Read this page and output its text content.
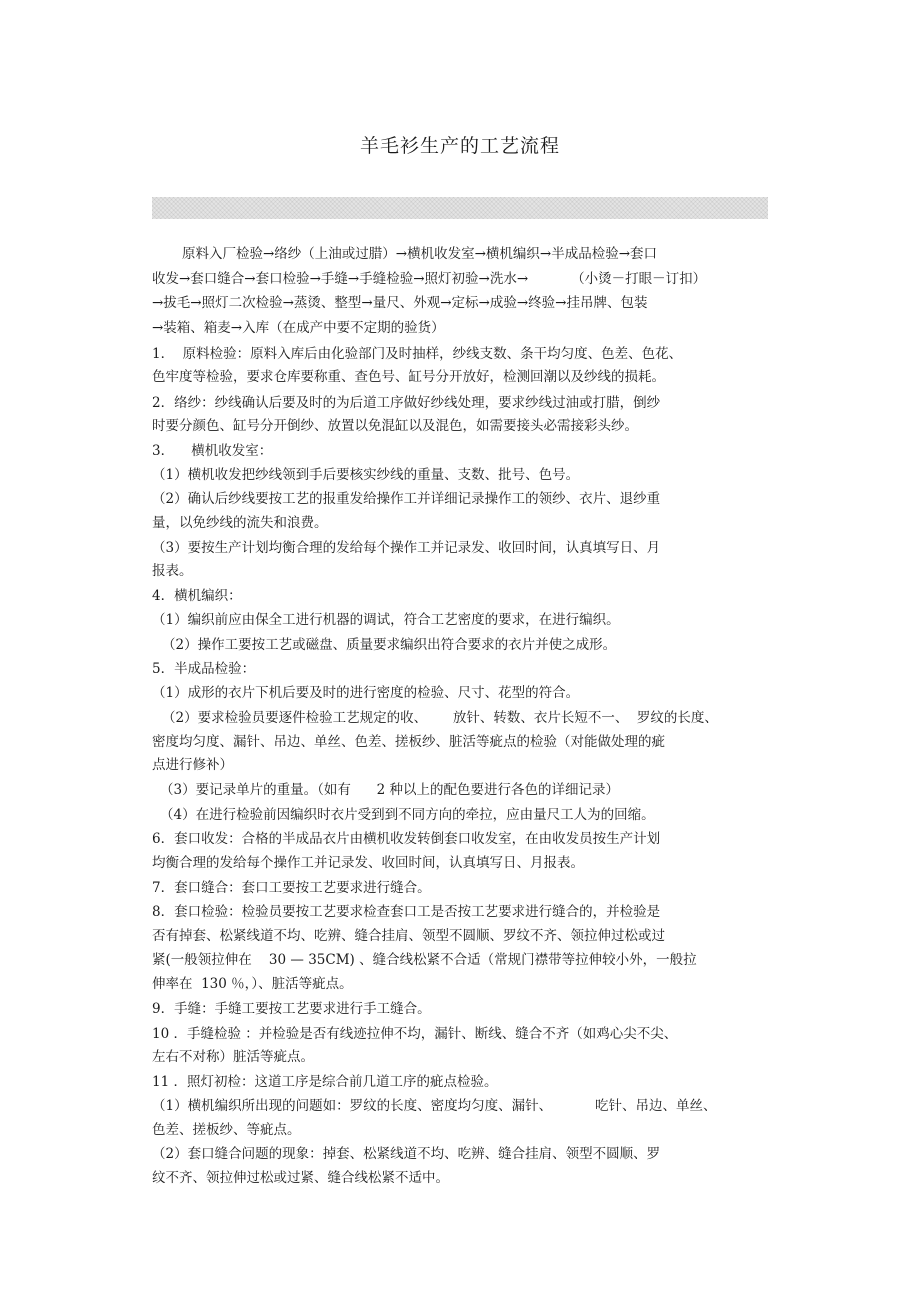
羊毛衫生产的工艺流程
原料入厂检验→络纱（上油或过腊）→横机收发室→横机编织→半成品检验→套口
收发→套口缝合→套口检验→手缝→手缝检验→照灯初验→洗水→          （小烫－打眼－订扣）
→拔毛→照灯二次检验→蒸烫、整型→量尺、外观→定标→成验→终验→挂吊牌、包装
→装箱、箱麦→入库（在成产中要不定期的验货）
1．  原料检验：原料入库后由化验部门及时抽样，纱线支数、条干均匀度、色差、色花、
色牢度等检验，要求仓库要称重、查色号、缸号分开放好，检测回潮以及纱线的损耗。
2．络纱：纱线确认后要及时的为后道工序做好纱线处理，要求纱线过油或打腊，倒纱
时要分颜色、缸号分开倒纱、放置以免混缸以及混色，如需要接头必需接彩头纱。
3．    横机收发室：
（1）横机收发把纱线领到手后要核实纱线的重量、支数、批号、色号。
（2）确认后纱线要按工艺的报重发给操作工并详细记录操作工的领纱、衣片、退纱重
量，以免纱线的流失和浪费。
（3）要按生产计划均衡合理的发给每个操作工并记录发、收回时间，认真填写日、月
报表。
4．横机编织：
（1）编织前应由保全工进行机器的调试，符合工艺密度的要求，在进行编织。
（2）操作工要按工艺或磁盘、质量要求编织出符合要求的衣片并使之成形。
5．半成品检验：
（1）成形的衣片下机后要及时的进行密度的检验、尺寸、花型的符合。
（2）要求检验员要逐件检验工艺规定的收、      放针、转数、衣片长短不一、  罗纹的长度、
密度均匀度、漏针、吊边、单丝、色差、搓板纱、脏活等疵点的检验（对能做处理的疵
点进行修补）
（3）要记录单片的重量。（如有      2 种以上的配色要进行各色的详细记录）
（4）在进行检验前因编织时衣片受到到不同方向的牵拉，应由量尺工人为的回缩。
6．套口收发：合格的半成品衣片由横机收发转倒套口收发室，在由收发员按生产计划
均衡合理的发给每个操作工并记录发、收回时间，认真填写日、月报表。
7．套口缝合：套口工要按工艺要求进行缝合。
8．套口检验：检验员要按工艺要求检查套口工是否按工艺要求进行缝合的，并检验是
否有掉套、松紧线道不均、吃辨、缝合挂肩、领型不圆顺、罗纹不齐、领拉伸过松或过
紧(一般领拉伸在    30 — 35CM) 、缝合线松紧不合适（常规门襟带等拉伸较小外，一般拉
伸率在  130 ％，）、脏活等疵点。
9．手缝：手缝工要按工艺要求进行手工缝合。
10 ．手缝检验 ：并检验是否有线迹拉伸不均，漏针、断线、缝合不齐（如鸡心尖不尖、
左右不对称）脏活等疵点。
11 ．照灯初检：这道工序是综合前几道工序的疵点检验。
（1）横机编织所出现的问题如：罗纹的长度、密度均匀度、漏针、          吃针、吊边、单丝、
色差、搓板纱、等疵点。
（2）套口缝合问题的现象：掉套、松紧线道不均、吃辨、缝合挂肩、领型不圆顺、罗
纹不齐、领拉伸过松或过紧、缝合线松紧不适中。
